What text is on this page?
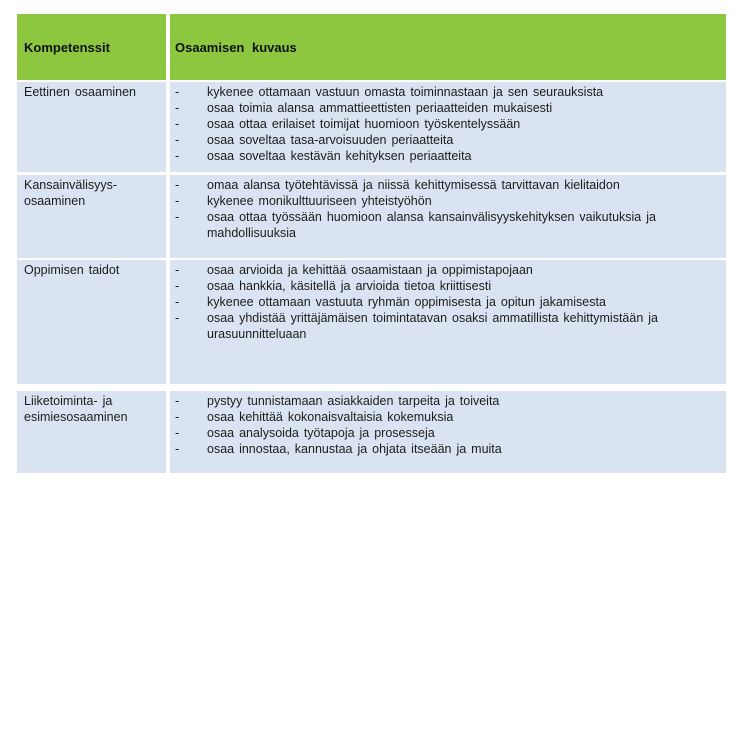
Kompetenssit	Osaamisen kuvaus
Eettinen osaaminen	-	kykenee ottamaan vastuun omasta toiminnastaan ja sen seurauksista
-	osaa toimia alansa ammattieettisten periaatteiden mukaisesti
-	osaa ottaa erilaiset toimijat huomioon työskentelyssään
-	osaa soveltaa tasa-arvoisuuden periaatteita
-	osaa soveltaa kestävän kehityksen periaatteita
Kansainvälisyys-osaaminen
-	omaa alansa työtehtävissä ja niissä kehittymisessä tarvittavan kielitaidon
-	kykenee monikulttuuriseen yhteistyöhön
-	osaa ottaa työssään huomioon alansa kansainvälisyyskehityksen vaikutuksia ja mahdollisuuksia
Oppimisen taidot	-	osaa arvioida ja kehittää osaamistaan ja oppimistapojaan
-	osaa hankkia, käsitellä ja arvioida tietoa kriittisesti
-	kykenee ottamaan vastuuta ryhmän oppimisesta ja opitun jakamisesta
-	osaa yhdistää yrittäjämäisen toimintatavan osaksi ammatillista kehittymistään ja urasuunnitteluaan
Liiketoiminta- ja esimiesosaaminen
-	pystyy tunnistamaan asiakkaiden tarpeita ja toiveita
-	osaa kehittää kokonaisvaltaisia kokemuksia
-	osaa analysoida työtapoja ja prosesseja
-	osaa innostaa, kannustaa ja ohjata itseään ja muita
